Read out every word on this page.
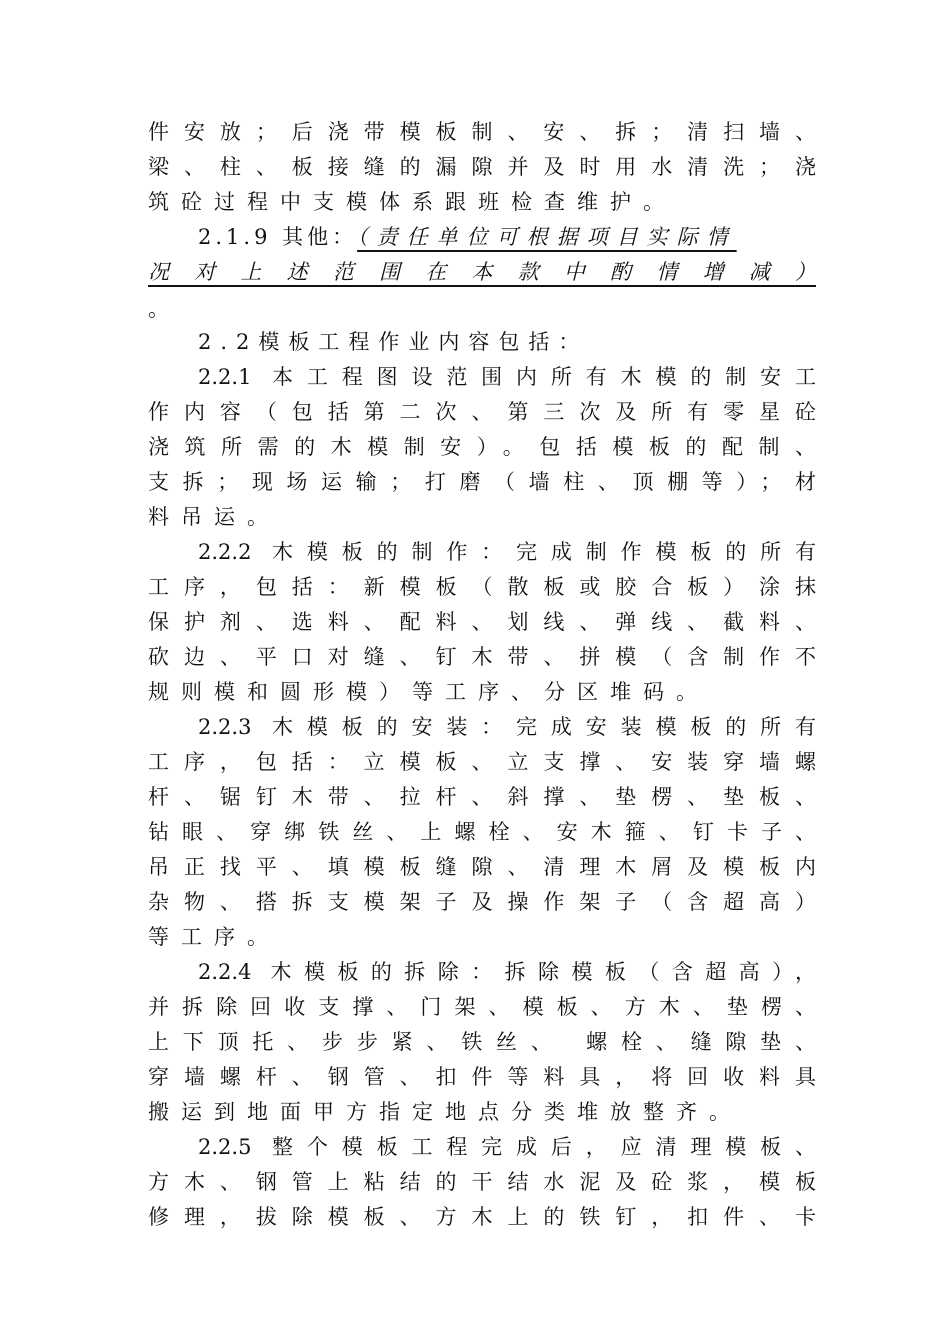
件安放；后浇带模板制、安、拆；清扫墙、
梁、柱、板接缝的漏隙并及时用水清洗；浇
筑砼过程中支模体系跟班检查维护。
2.1.9 其他：（责任单位可根据项目实际情
况对上述范围在本款中酌情增减）
。
2.2模板工程作业内容包括：
2.2.1 本工程图设范围内所有木模的制安工
作内容（包括第二次、第三次及所有零星砼
浇筑所需的木模制安）。包括模板的配制、
支拆；现场运输；打磨（墙柱、顶棚等）；材
料吊运。
2.2.2 木模板的制作：完成制作模板的所有
工序，包括：新模板（散板或胶合板）涂抹
保护剂、选料、配料、划线、弹线、截料、
砍边、平口对缝、钉木带、拼模（含制作不
规则模和圆形模）等工序、分区堆码。
2.2.3 木模板的安装：完成安装模板的所有
工序，包括：立模板、立支撑、安装穿墙螺
杆、锯钉木带、拉杆、斜撑、垫楞、垫板、
钻眼、穿绑铁丝、上螺栓、安木箍、钉卡子、
吊正找平、填模板缝隙、清理木屑及模板内
杂物、搭拆支模架子及操作架子（含超高）
等工序。
2.2.4 木模板的拆除：拆除模板（含超高），
并拆除回收支撑、门架、模板、方木、垫楞、
上下顶托、步步紧、铁丝、 螺栓、缝隙垫、
穿墙螺杆、钢管、扣件等料具，将回收料具
搬运到地面甲方指定地点分类堆放整齐。
2.2.5 整个模板工程完成后，应清理模板、
方木、钢管上粘结的干结水泥及砼浆，模板
修理，拔除模板、方木上的铁钉，扣件、卡
